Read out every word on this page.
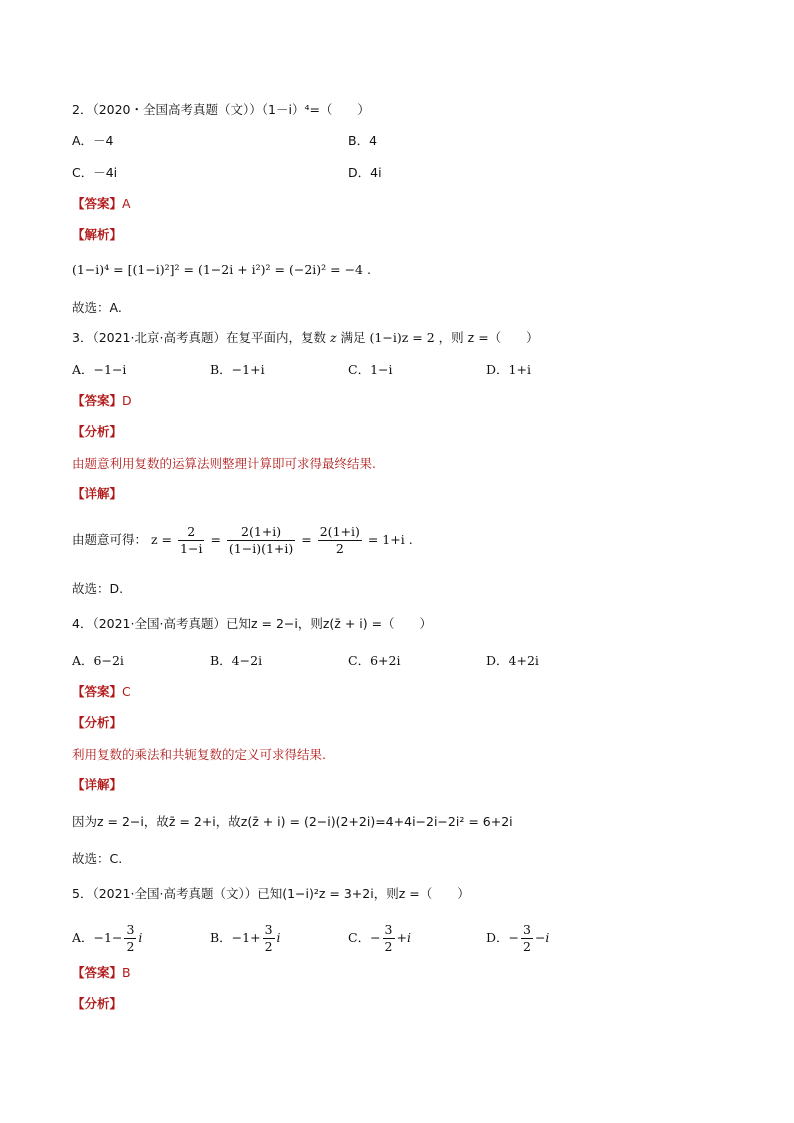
2．（2020・全国高考真题（文））（1－i）⁴=（　　）
A．－4	B．4
C．－4i	D．4i
【答案】A
【解析】
(1−i)⁴ = [(1−i)²]² = (1−2i + i²)² = (−2i)² = −4 .
故选：A.
3．（2021·北京·高考真题）在复平面内，复数 z 满足 (1−i)z = 2 ，则 z =（　　）
A．−1−i	B．−1+i	C．1−i	D．1+i
【答案】D
【分析】
由题意利用复数的运算法则整理计算即可求得最终结果.
【详解】
由题意可得： $z = \frac{2}{1-i} = \frac{2(1+i)}{(1-i)(1+i)} = \frac{2(1+i)}{2} = 1+i$ .
故选：D.
4．（2021·全国·高考真题）已知z = 2−i，则z(z̄ + i) =（　　）
A．6−2i	B．4−2i	C．6+2i	D．4+2i
【答案】C
【分析】
利用复数的乘法和共轭复数的定义可求得结果.
【详解】
因为z = 2−i，故z̄ = 2+i，故z(z̄ + i) = (2−i)(2+2i)=4+4i−2i−2i² = 6+2i
故选：C.
5．（2021·全国·高考真题（文））已知(1−i)²z = 3+2i，则z =（　　）
A．$-1- \frac{3}{2}$ i	B．$-1+ \frac{3}{2}$ i	C．− $\frac{3}{2} +i$	D．− $\frac{3}{2} -i$
【答案】B
【分析】
